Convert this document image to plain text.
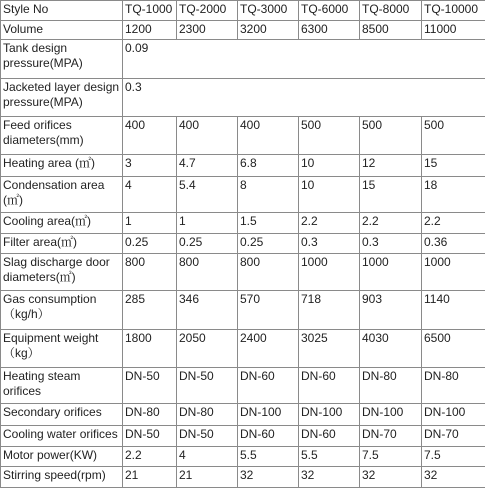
Style No	TQ-1000	TQ-2000	TQ-3000	TQ-6000	TQ-8000	TQ-10000
Volume	1200	2300	3200	6300	8500	11000
Tank design pressure(MPA)	0.09					
Jacketed layer design pressure(MPA)	0.3					
Feed orifices diameters(mm)	400	400	400	500	500	500
Heating area (㎡)	3	4.7	6.8	10	12	15
Condensation area (㎡)	4	5.4	8	10	15	18
Cooling area(㎡)	1	1	1.5	2.2	2.2	2.2
Filter area(㎡)	0.25	0.25	0.25	0.3	0.3	0.36
Slag discharge door diameters(㎡)	800	800	800	1000	1000	1000
Gas consumption（kg/h）	285	346	570	718	903	1140
Equipment weight（kg）	1800	2050	2400	3025	4030	6500
Heating steam orifices	DN-50	DN-50	DN-60	DN-60	DN-80	DN-80
Secondary orifices	DN-80	DN-80	DN-100	DN-100	DN-100	DN-100
Cooling water orifices	DN-50	DN-50	DN-60	DN-60	DN-70	DN-70
Motor power(KW)	2.2	4	5.5	5.5	7.5	7.5
Stirring speed(rpm)	21	21	32	32	32	32
